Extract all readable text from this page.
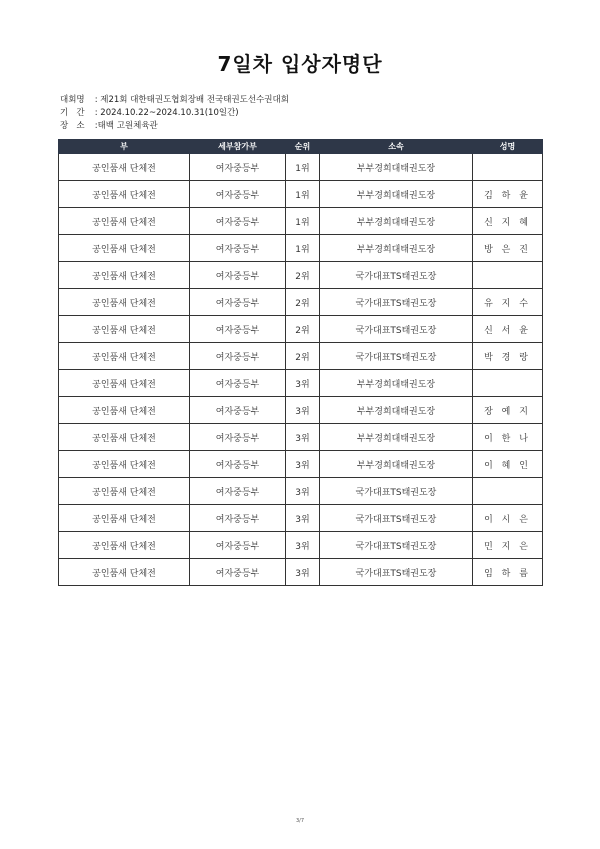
7일차 입상자명단
대회명 : 제21회 대한태권도협회장배 전국태권도선수권대회
기   간 : 2024.10.22~2024.10.31(10일간)
장   소 : 태백 고원체육관
부	세부참가부	순위	소속	성명
공인품새 단체전	여자중등부	1위	부부경희대태권도장	
공인품새 단체전	여자중등부	1위	부부경희대태권도장	김 하 윤
공인품새 단체전	여자중등부	1위	부부경희대태권도장	신 지 혜
공인품새 단체전	여자중등부	1위	부부경희대태권도장	방 은 진
공인품새 단체전	여자중등부	2위	국가대표TS태권도장	
공인품새 단체전	여자중등부	2위	국가대표TS태권도장	유 지 수
공인품새 단체전	여자중등부	2위	국가대표TS태권도장	신 서 윤
공인품새 단체전	여자중등부	2위	국가대표TS태권도장	박 경 랑
공인품새 단체전	여자중등부	3위	부부경희대태권도장	
공인품새 단체전	여자중등부	3위	부부경희대태권도장	장 예 지
공인품새 단체전	여자중등부	3위	부부경희대태권도장	이 한 나
공인품새 단체전	여자중등부	3위	부부경희대태권도장	이 혜 인
공인품새 단체전	여자중등부	3위	국가대표TS태권도장	
공인품새 단체전	여자중등부	3위	국가대표TS태권도장	이 시 은
공인품새 단체전	여자중등부	3위	국가대표TS태권도장	민 지 은
공인품새 단체전	여자중등부	3위	국가대표TS태권도장	임 하 름
3/7
